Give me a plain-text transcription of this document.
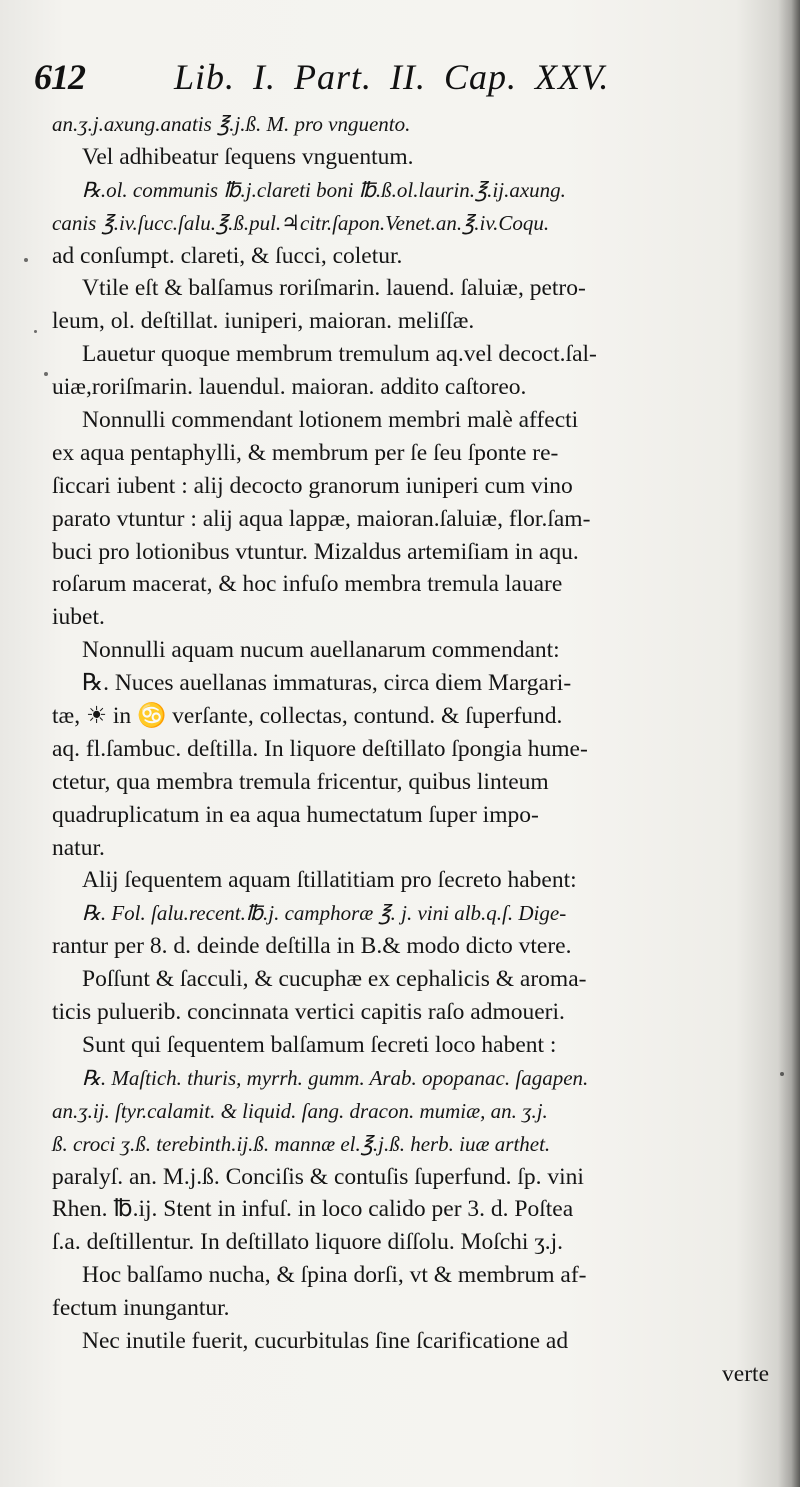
612 Lib. I. Part. II. Cap. XXV.
an.ʒ.j.axung.anatis ℥.j.ß. M. pro vnguento.
Vel adhibeatur ſequens vnguentum.
℞.ol. communis ℔.j.clareti boni ℔.ß.ol.laurin.℥.ij.axung.
canis ℥.iv.ſucc.ſalu.℥.ß.pul.♃citr.ſapon.Venet.an.℥.iv.Coqu.
ad conſumpt. clareti, & ſucci, coletur.
Vtile eſt & balſamus roriſmarin. lauend. ſaluiæ, petro-
leum, ol. deſtillat. iuniperi, maioran. meliſſæ.
Lauetur quoque membrum tremulum aq.vel decoct.ſal-
uiæ,roriſmarin. lauendul. maioran. addito caſtoreo.
Nonnulli commendant lotionem membri malè affecti
ex aqua pentaphylli, & membrum per ſe ſeu ſponte re-
ſiccari iubent : alij decocto granorum iuniperi cum vino
parato vtuntur : alij aqua lappæ, maioran.ſaluiæ, flor.ſam-
buci pro lotionibus vtuntur. Mizaldus artemiſiam in aqu.
roſarum macerat, & hoc infuſo membra tremula lauare
iubet.
Nonnulli aquam nucum auellanarum commendant:
℞. Nuces auellanas immaturas, circa diem Margari-
tæ, ☀ in ♋ verſante, collectas, contund. & ſuperfund.
aq. fl.ſambuc. deſtilla. In liquore deſtillato ſpongia hume-
ctetur, qua membra tremula fricentur, quibus linteum
quadruplicatum in ea aqua humectatum ſuper impo-
natur.
Alij ſequentem aquam ſtillatitiam pro ſecreto habent:
℞. Fol. ſalu.recent.℔.j. camphoræ ℥. j. vini alb.q.ſ. Dige-
rantur per 8. d. deinde deſtilla in B.& modo dicto vtere.
Poſſunt & ſacculi, & cucuphæ ex cephalicis & aroma-
ticis puluerib. concinnata vertici capitis raſo admoueri.
Sunt qui ſequentem balſamum ſecreti loco habent :
℞. Maſtich. thuris, myrrh. gumm. Arab. opopanac. ſagapen.
an.ʒ.ij. ſtyr.calamit. & liquid. ſang. dracon. mumiæ, an. ʒ.j.
ß. croci ʒ.ß. terebinth.ij.ß. mannæ el.℥.j.ß. herb. iuæ arthet.
paralyſ. an. M.j.ß. Conciſis & contuſis ſuperfund. ſp. vini
Rhen. ℔.ij. Stent in infuſ. in loco calido per 3. d. Poſtea
ſ.a. deſtillentur. In deſtillato liquore diſſolu. Moſchi ʒ.j.
Hoc balſamo nucha, & ſpina dorſi, vt & membrum af-
fectum inungantur.
Nec inutile fuerit, cucurbitulas ſine ſcarificatione ad
verte
